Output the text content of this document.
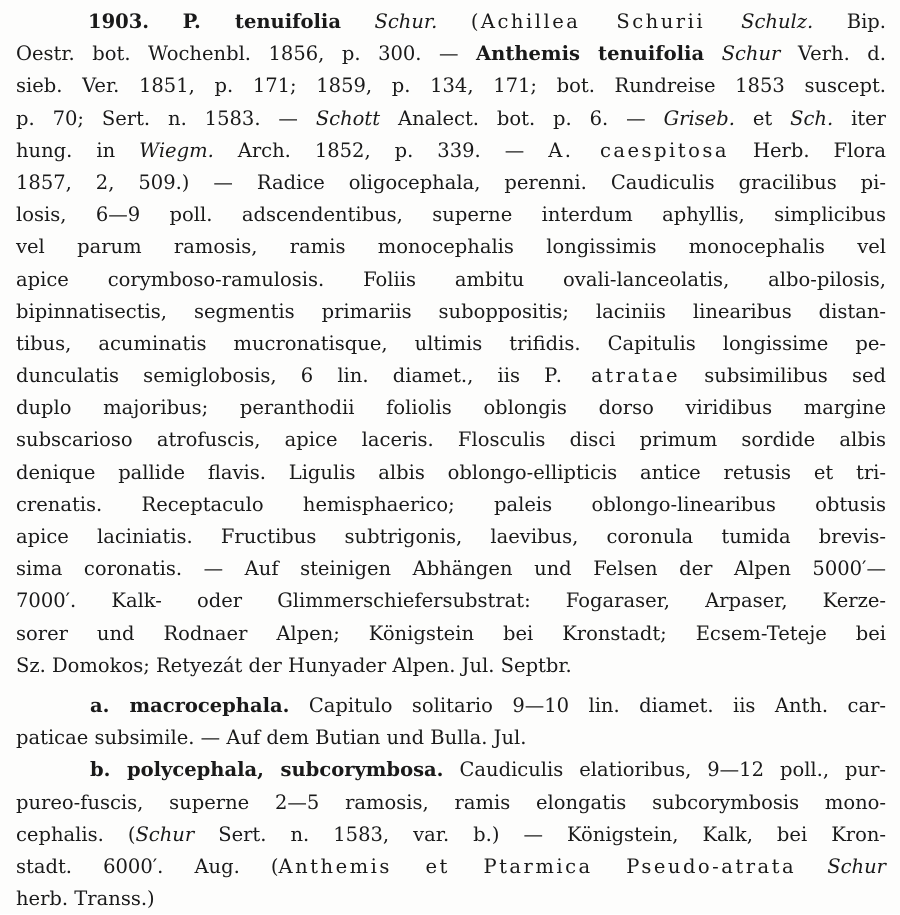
1903. P. tenuifolia Schur. (Achillea Schurii Schulz. Bip.
Oestr. bot. Wochenbl. 1856, p. 300. — Anthemis tenuifolia Schur Verh. d.
sieb. Ver. 1851, p. 171; 1859, p. 134, 171; bot. Rundreise 1853 suscept.
p. 70; Sert. n. 1583. — Schott Analect. bot. p. 6. — Griseb. et Sch. iter
hung. in Wiegm. Arch. 1852, p. 339. — A. caespitosa Herb. Flora
1857, 2, 509.) — Radice oligocephala, perenni. Caudiculis gracilibus pi-
losis, 6—9 poll. adscendentibus, superne interdum aphyllis, simplicibus
vel parum ramosis, ramis monocephalis longissimis monocephalis vel
apice corymboso-ramulosis. Foliis ambitu ovali-lanceolatis, albo-pilosis,
bipinnatisectis, segmentis primariis suboppositis; laciniis linearibus distan-
tibus, acuminatis mucronatisque, ultimis trifidis. Capitulis longissime pe-
dunculatis semiglobosis, 6 lin. diamet., iis P. atratae subsimilibus sed
duplo majoribus; peranthodii foliolis oblongis dorso viridibus margine
subscarioso atrofuscis, apice laceris. Flosculis disci primum sordide albis
denique pallide flavis. Ligulis albis oblongo-ellipticis antice retusis et tri-
crenatis. Receptaculo hemisphaerico; paleis oblongo-linearibus obtusis
apice laciniatis. Fructibus subtrigonis, laevibus, coronula tumida brevis-
sima coronatis. — Auf steinigen Abhängen und Felsen der Alpen 5000′—
7000′. Kalk- oder Glimmerschiefersubstrat: Fogaraser, Arpaser, Kerze-
sorer und Rodnaer Alpen; Königstein bei Kronstadt; Ecsem-Teteje bei
Sz. Domokos; Retyezát der Hunyader Alpen. Jul. Septbr.
a. macrocephala. Capitulo solitario 9—10 lin. diamet. iis Anth. car-
paticae subsimile. — Auf dem Butian und Bulla. Jul.
b. polycephala, subcorymbosa. Caudiculis elatioribus, 9—12 poll., pur-
pureo-fuscis, superne 2—5 ramosis, ramis elongatis subcorymbosis mono-
cephalis. (Schur Sert. n. 1583, var. b.) — Königstein, Kalk, bei Kron-
stadt. 6000′. Aug. (Anthemis et Ptarmica Pseudo-atrata Schur
herb. Transs.)
